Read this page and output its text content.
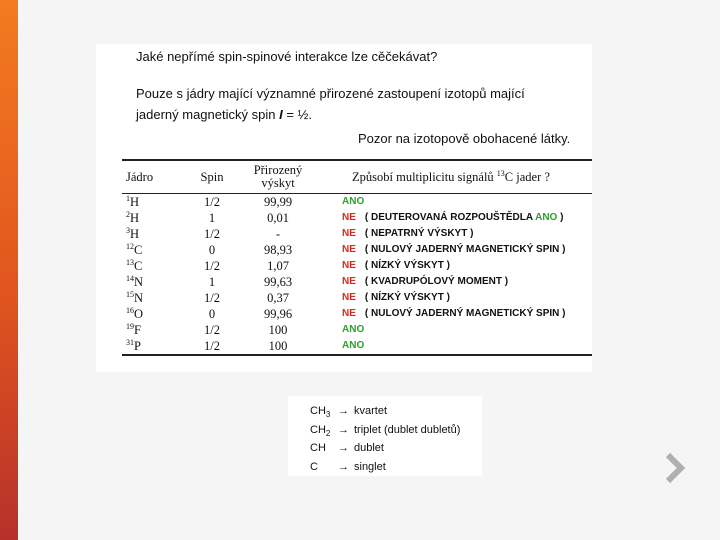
Jaké nepřímé spin-spinové interakce lze cěčekávat?
Pouze s jádry mající významné přirozené zastoupení izotopů mající
jaderný magnetický spin I = ½.
Pozor na izotopově obohacené látky.
Jádro	Spin	Přirozený
výskyt	Způsobí multiplicitu signálů $^{13}$C jader ?
$^1$H	1/2	99,99	ANO
$^2$H	1	0,01	NE ( DEUTEROVANÁ ROZPOUŠTĚDLA ANO )
$^3$H	1/2	-	NE ( NEPATRNÝ VÝSKYT )
$^{12}$C	0	98,93	NE ( NULOVÝ JADERNÝ MAGNETICKÝ SPIN )
$^{13}$C	1/2	1,07	NE ( NÍZKÝ VÝSKYT )
$^{14}$N	1	99,63	NE ( KVADRUPÓLOVÝ MOMENT )
$^{15}$N	1/2	0,37	NE ( NÍZKÝ VÝSKYT )
$^{16}$O	0	99,96	NE ( NULOVÝ JADERNÝ MAGNETICKÝ SPIN )
$^{19}$F	1/2	100	ANO
$^{31}$P	1/2	100	ANO
$CH_3$ → kvartet
$CH_2$ → triplet (dublet dubletů)
CH → dublet
C → singlet
